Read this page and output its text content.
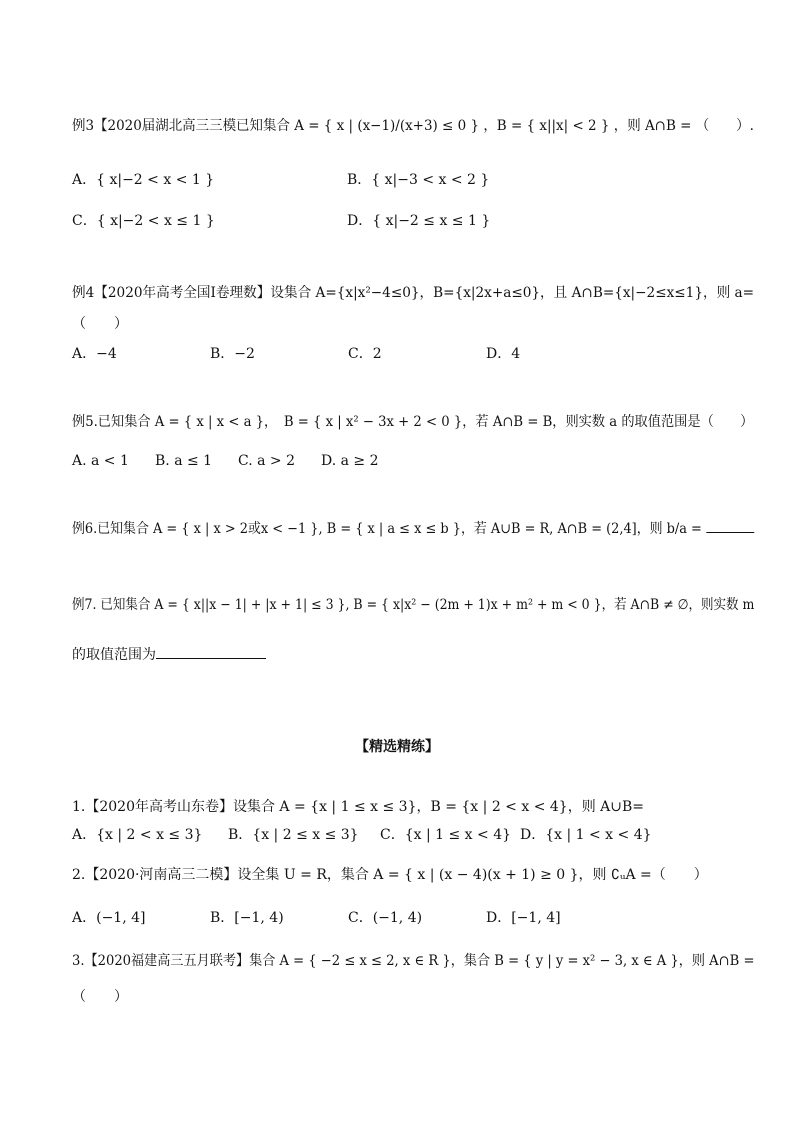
例3【2020届湖北高三三模已知集合 A = { x | (x−1)/(x+3) ≤ 0 } ，B = { x||x| < 2 } ，则 A∩B = （　　）.
A．{ x|−2 < x < 1 }	B．{ x|−3 < x < 2 }
C．{ x|−2 < x ≤ 1 }	D．{ x|−2 ≤ x ≤ 1 }
例4【2020年高考全国Ⅰ卷理数】设集合 A={x|x²−4≤0}，B={x|2x+a≤0}，且 A∩B={x|−2≤x≤1}，则 a=
（　　）
A．−4	B．−2	C．2	D．4
例5.已知集合 A = { x | x < a }，　B = { x | x² − 3x + 2 < 0 }，若 A∩B = B，则实数 a 的取值范围是（　　）
A. a < 1 B. a ≤ 1 C. a > 2 D. a ≥ 2
例6.已知集合 A = { x | x > 2或x < −1 }, B = { x | a ≤ x ≤ b }，若 A∪B = R, A∩B = (2,4]，则 b/a =
例7. 已知集合 A = { x||x − 1| + |x + 1| ≤ 3 }, B = { x|x² − (2m + 1)x + m² + m < 0 }，若 A∩B ≠ ∅，则实数 m
的取值范围为
【精选精练】
1.【2020年高考山东卷】设集合 A = {x | 1 ≤ x ≤ 3}，B = {x | 2 < x < 4}，则 A∪B=
A．{x | 2 < x ≤ 3} B．{x | 2 ≤ x ≤ 3} C．{x | 1 ≤ x < 4} D．{x | 1 < x < 4}
2.【2020·河南高三二模】设全集 U = R，集合 A = { x | (x − 4)(x + 1) ≥ 0 }，则 ∁ᵤA =（　　）
A．(−1, 4]	B．[−1, 4)	C．(−1, 4)	D．[−1, 4]
3.【2020福建高三五月联考】集合 A = { −2 ≤ x ≤ 2, x ∈ R }，集合 B = { y | y = x² − 3, x ∈ A }，则 A∩B =
（　　）
